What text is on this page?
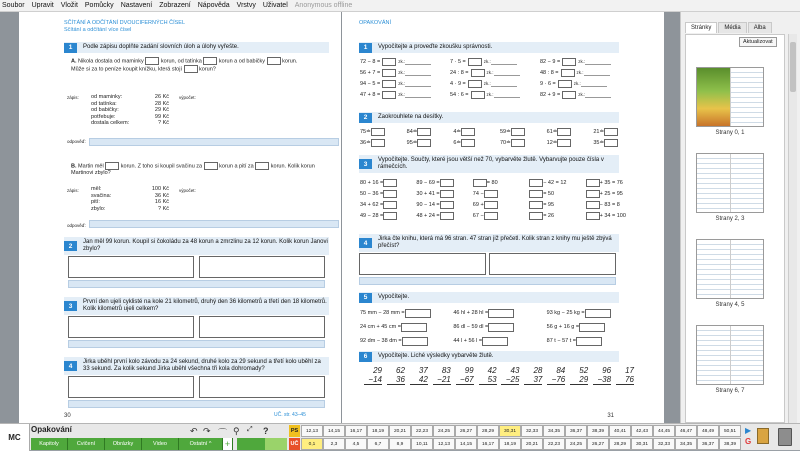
Soubor Upravit Vložit Pomůcky Nastavení Zobrazení Nápověda Vrstvy Uživatel Anonymous offline
SČÍTÁNÍ A ODČÍTÁNÍ DVOUCIFERNÝCH ČÍSEL
Sčítání a odčítání více čísel
1	Podle zápisu doplňte zadání slovních úloh a úlohy vyřešte.
A. Nikola dostala od maminky	korun, od tatínka	korun a od babičky	korun.
Může si za to peníze koupit knížku, která stojí	korun?
zápis:	výpočet:
od maminky:	26 Kč
od tatínka:	28 Kč
od babičky:	29 Kč
potřebuje:	99 Kč
dostala celkem:	? Kč
odpověď:
B. Martin měl	korun. Z toho si koupil svačinu za	korun a pití za	korun. Kolik korun Martinovi zbylo?
zápis:	výpočet:
měl:	100 Kč
svačina:	36 Kč
pití:	16 Kč
zbylo:	? Kč
odpověď:
2
Jan měl 99 korun. Koupil si čokoládu za 48 korun a zmrzlinu za 12 korun. Kolik korun Janovi zbylo?
3
První den ujeli cyklisté na kole 21 kilometrů, druhý den 36 kilometrů a třetí den 18 kilometrů. Kolik kilometrů ujeli celkem?
4
Jirka uběhl první kolo závodu za 24 sekund, druhé kolo za 29 sekund a třetí kolo uběhl za 33 sekund. Za kolik sekund Jirka uběhl všechna tři kola dohromady?
30	UČ. str. 43–45
OPAKOVÁNÍ
1	Vypočítejte a proveďte zkoušku správnosti.
72 − 8 =	zk.:	7 · 5 =	zk.:	82 − 9 =	zk.:
56 + 7 =	zk.:	24 : 8 =	zk.:	48 : 8 =	zk.:
94 − 5 =	zk.:	4 · 9 =	zk.:	9 · 6 =	zk.:
47 + 8 =	zk.:	54 : 6 =	zk.:	82 + 9 =	zk.:
2	Zaokrouhlete na desítky.
75 ≐	84 ≐	4 ≐	59 ≐	61 ≐	21 ≐
36 ≐	95 ≐	6 ≐	70 ≐	12 ≐	35 ≐
3
Vypočítejte. Součty, které jsou větší než 70, vybarvěte žlutě. Vybarvujte pouze čísla v rámečcích.
80 + 16 =	89 − 69 =	= 80	− 42 = 12	+ 35 = 76
50 − 36 =	30 + 41 =	74 −	= 50	+ 25 = 95
34 + 62 =	90 − 14 =	69 +	= 95	− 83 = 8
49 − 28 =	48 + 24 =	67 −	= 26	+ 34 = 100
4
Jirka čte knihu, která má 96 stran. 47 stran již přečetl. Kolik stran z knihy mu ještě zbývá přečíst?
5	Vypočítejte.
75 mm − 28 mm =	46 hl + 28 hl =	93 kg − 25 kg =
24 cm + 45 cm =	86 dl − 59 dl =	56 g + 16 g =
92 dm − 38 dm =	44 l + 56 l =	87 t − 57 t =
6	Vypočítejte. Liché výsledky vybarvěte žlutě.
29
−14
62
36
37
42
83
−21
99
−67
42
53
43
−25
28
37
84
−76
52
29
96
−38
17
76
31
Stránky	Média	Alba
Strany 0, 1
Strany 2, 3
Strany 4, 5
Strany 6, 7
Aktualizovat
MC
Opakování
Kapitoly	Cvičení	Obrázky	Video	Ostatní ^	+
↶ ↷ ⌒ ⚲ ⤢ ?	PS
UČ
12,13	14,15	16,17	18,19	20,21	22,23	24,25	26,27	28,29	30,31	32,33	34,35	36,37	38,39	40,41	42,43	44,45	46,47	48,49	50,51
0,1	2,3	4,5	6,7	8,9	10,11	12,13	14,15	16,17	18,19	20,21	22,23	24,25	26,27	28,29	30,31	32,33	34,35	36,37	38,39
▶
G
